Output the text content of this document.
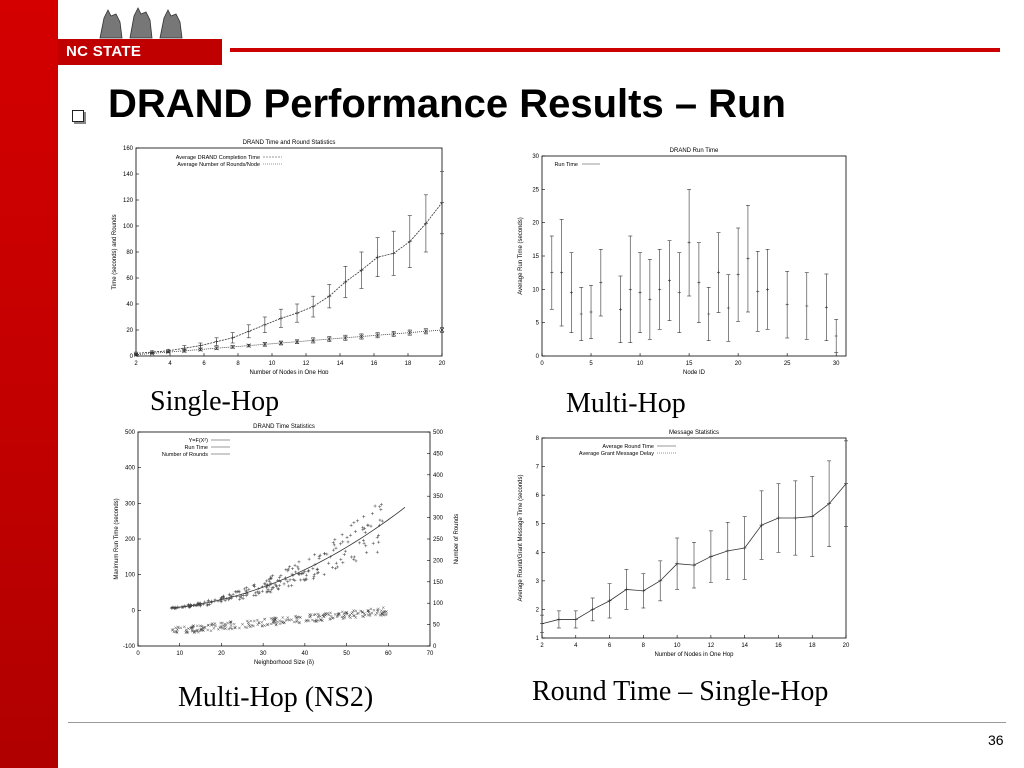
NC STATE UNIVERSITY
DRAND Performance Results – Run
2	4	6	8	10	12	14	16	18	20
0
20
40
60
80
100
120
140
160
DRAND Time and Round Statistics
Number of Nodes in One Hop
Time (seconds) and Rounds
Average DRAND Completion Time
Average Number of Rounds/Node
0	5	10	15	20	25	30
0
5
10
15
20
25
30
DRAND Run Time
Node ID
Average Run Time (seconds)
Run Time
0	10	20	30	40	50	60	70
-100
0
100
200
300
400
500
DRAND Time Statistics
Neighborhood Size (δ)
Maximum Run Time (seconds)
0
50
100
150
200
250
300
350
400
450
500
Number of Rounds
Y=F(X²)
Run Time
Number of Rounds
2	4	6	8	10	12	14	16	18	20
1
2
3
4
5
6
7
8
Message Statistics
Number of Nodes in One Hop
Average Round/Grant Message Time (seconds)
Average Round Time
Average Grant Message Delay
Single-Hop	Multi-Hop
Multi-Hop (NS2)	Round Time – Single-Hop
36
